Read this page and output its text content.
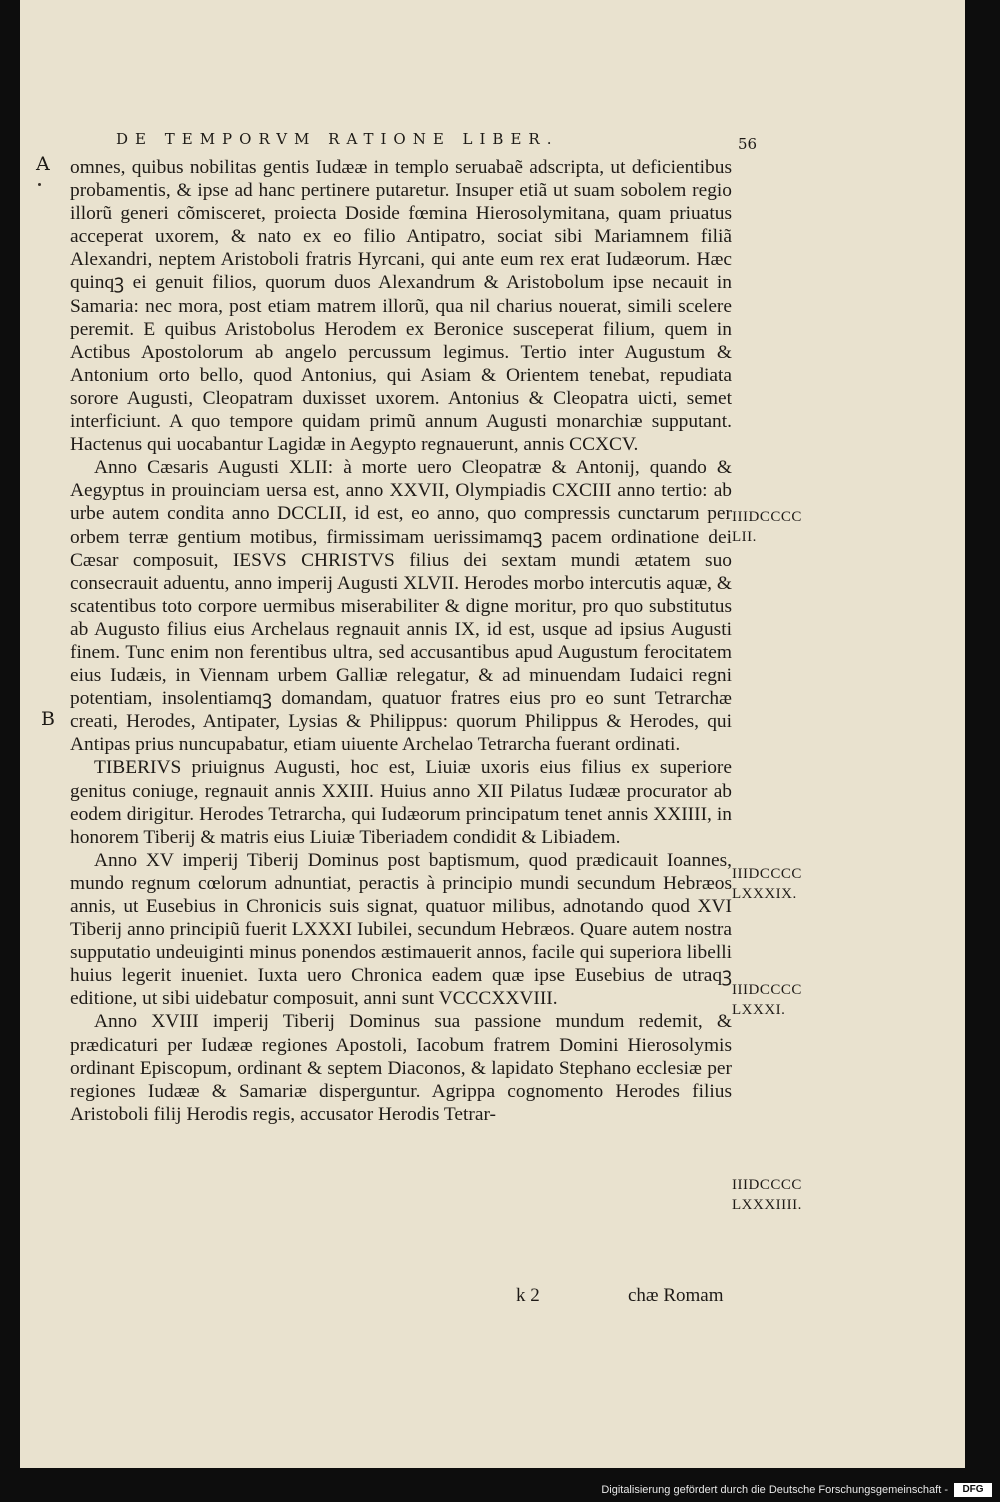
DE TEMPORVM RATIONE LIBER.	56
A
B

omnes, quibus nobilitas gentis Iudææ in templo seruabaẽ adscripta, ut deficientibus probamentis, & ipse ad hanc pertinere putaretur. Insuper etiã ut suam sobolem regio illorũ generi cõmisceret, proiecta Doside fœmina Hierosolymitana, quam priuatus acceperat uxorem, & nato ex eo filio Antipatro, sociat sibi Mariamnem filiã Alexandri, neptem Aristoboli fratris Hyrcani, qui ante eum rex erat Iudæorum. Hæc quinqꝫ ei genuit filios, quorum duos Alexandrum & Aristobolum ipse necauit in Samaria: nec mora, post etiam matrem illorũ, qua nil charius nouerat, simili scelere peremit. E quibus Aristobolus Herodem ex Beronice susceperat filium, quem in Actibus Apostolorum ab angelo percussum legimus. Tertio inter Augustum & Antonium orto bello, quod Antonius, qui Asiam & Orientem tenebat, repudiata sorore Augusti, Cleopatram duxisset uxorem. Antonius & Cleopatra uicti, semet interficiunt. A quo tempore quidam primũ annum Augusti monarchiæ supputant. Hactenus qui uocabantur Lagidæ in Aegypto regnauerunt, annis CCXCV.

Anno Cæsaris Augusti XLII: à morte uero Cleopatræ & Antonij, quando & Aegyptus in prouinciam uersa est, anno XXVII, Olympiadis CXCIII anno tertio: ab urbe autem condita anno DCCLII, id est, eo anno, quo compressis cunctarum per orbem terræ gentium motibus, firmissimam uerissimamqꝫ pacem ordinatione dei Cæsar composuit, IESVS CHRISTVS filius dei sextam mundi ætatem suo consecrauit aduentu, anno imperij Augusti XLVII. Herodes morbo intercutis aquæ, & scatentibus toto corpore uermibus miserabiliter & digne moritur, pro quo substitutus ab Augusto filius eius Archelaus regnauit annis IX, id est, usque ad ipsius Augusti finem. Tunc enim non ferentibus ultra, sed accusantibus apud Augustum ferocitatem eius Iudæis, in Viennam urbem Galliæ relegatur, & ad minuendam Iudaici regni potentiam, insolentiamqꝫ domandam, quatuor fratres eius pro eo sunt Tetrarchæ creati, Herodes, Antipater, Lysias & Philippus: quorum Philippus & Herodes, qui Antipas prius nuncupabatur, etiam uiuente Archelao Tetrarcha fuerant ordinati.

TIBERIVS priuignus Augusti, hoc est, Liuiæ uxoris eius filius ex superiore genitus coniuge, regnauit annis XXIII. Huius anno XII Pilatus Iudææ procurator ab eodem dirigitur. Herodes Tetrarcha, qui Iudæorum principatum tenet annis XXIIII, in honorem Tiberij & matris eius Liuiæ Tiberiadem condidit & Libiadem.

Anno XV imperij Tiberij Dominus post baptismum, quod prædicauit Ioannes, mundo regnum cœlorum adnuntiat, peractis à principio mundi secundum Hebræos annis, ut Eusebius in Chronicis suis signat, quatuor milibus, adnotando quod XVI Tiberij anno principiũ fuerit LXXXI Iubilei, secundum Hebræos. Quare autem nostra supputatio undeuiginti minus ponendos æstimauerit annos, facile qui superiora libelli huius legerit inueniet. Iuxta uero Chronica eadem quæ ipse Eusebius de utraqꝫ editione, ut sibi uidebatur composuit, anni sunt VCCCXXVIII.

Anno XVIII imperij Tiberij Dominus sua passione mundum redemit, & prædicaturi per Iudææ regiones Apostoli, Iacobum fratrem Domini Hierosolymis ordinant Episcopum, ordinant & septem Diaconos, & lapidato Stephano ecclesiæ per regiones Iudææ & Samariæ disperguntur. Agrippa cognomento Herodes filius Aristoboli filij Herodis regis, accusator Herodis Tetrar-

IIIDCCCC LII.
IIIDCCCC LXXXIX.
IIIDCCCC LXXXI.
IIIDCCCC LXXXIIII.
k 2	chæ Romam
Digitalisierung gefördert durch die Deutsche Forschungsgemeinschaft -	DFG
